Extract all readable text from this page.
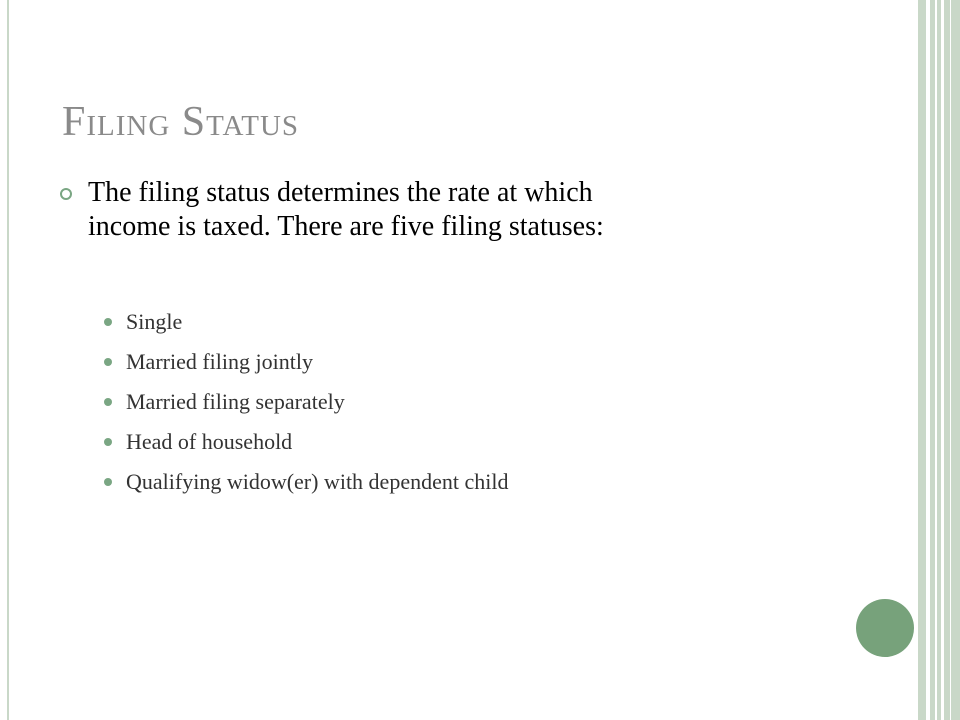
Filing Status

The filing status determines the rate at which
income is taxed. There are five filing statuses:

Single
Married filing jointly
Married filing separately
Head of household
Qualifying widow(er) with dependent child
